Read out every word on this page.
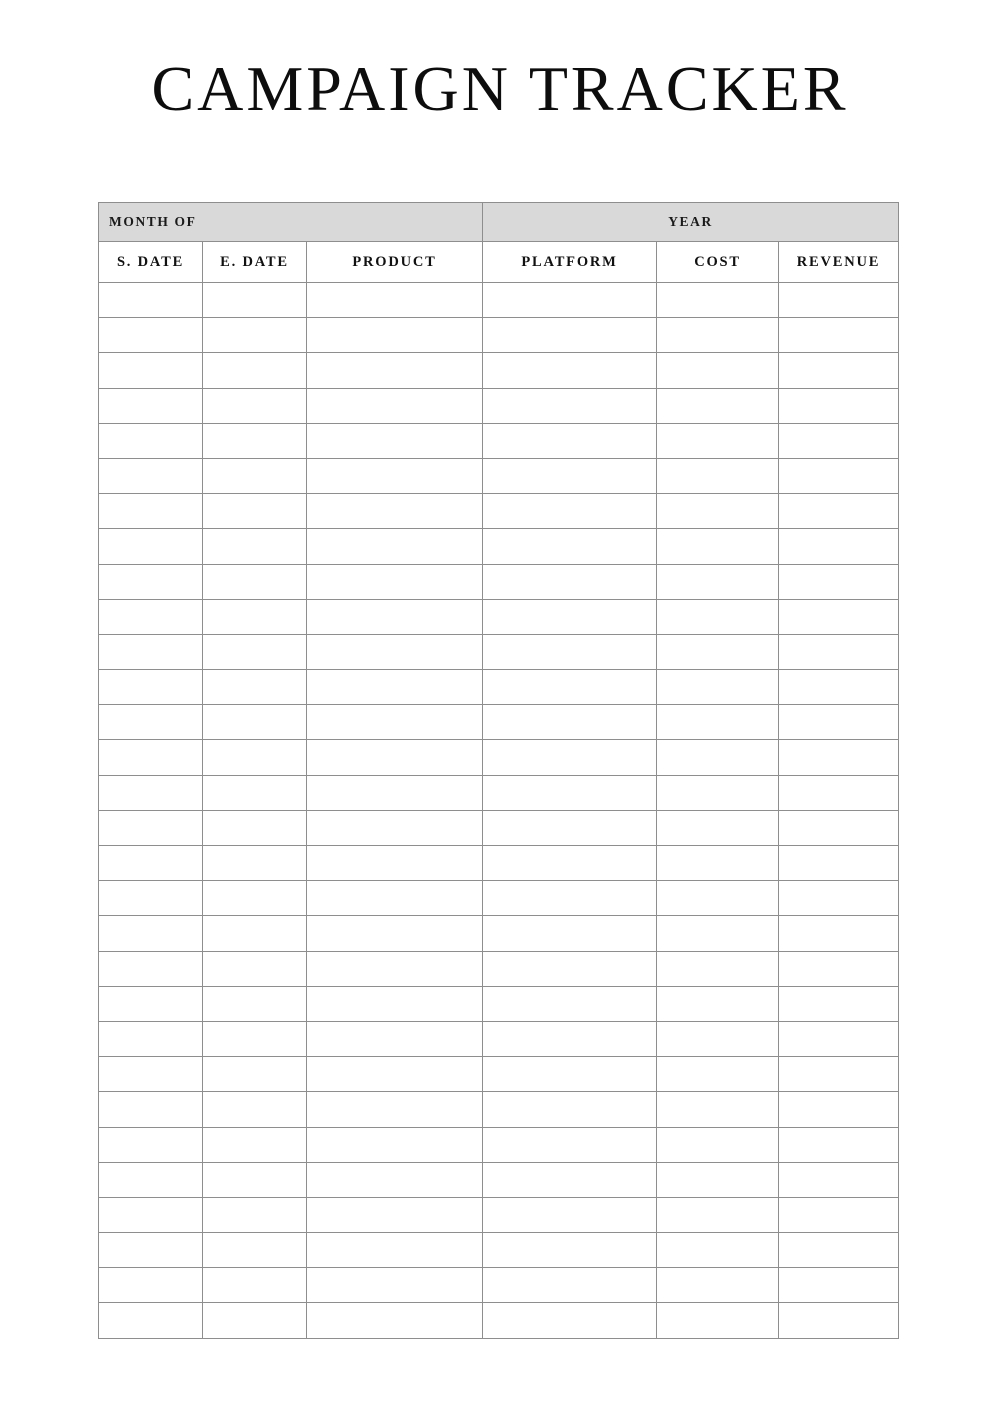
CAMPAIGN TRACKER
MONTH OF			YEAR		

S. DATE	E. DATE	PRODUCT	PLATFORM	COST	REVENUE
